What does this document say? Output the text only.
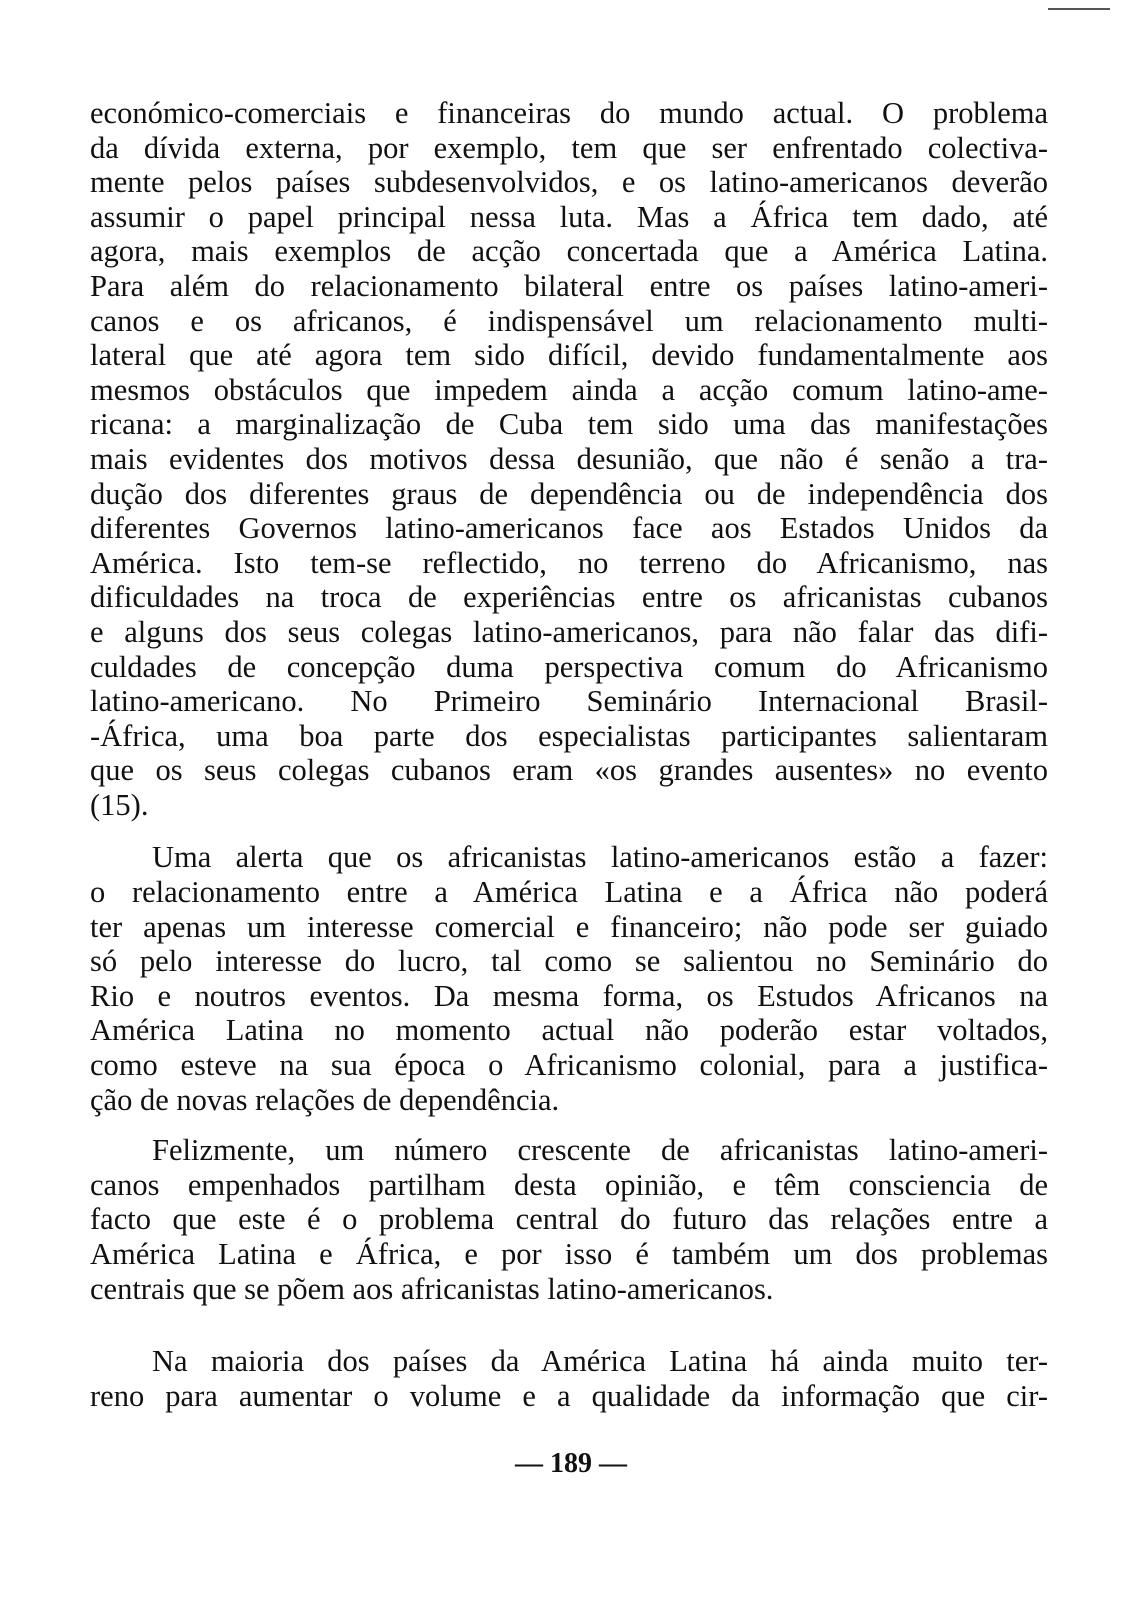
económico-comerciais e financeiras do mundo actual. O problema
da dívida externa, por exemplo, tem que ser enfrentado colectiva-
mente pelos países subdesenvolvidos, e os latino-americanos deverão
assumir o papel principal nessa luta. Mas a África tem dado, até
agora, mais exemplos de acção concertada que a América Latina.
Para além do relacionamento bilateral entre os países latino-ameri-
canos e os africanos, é indispensável um relacionamento multi-
lateral que até agora tem sido difícil, devido fundamentalmente aos
mesmos obstáculos que impedem ainda a acção comum latino-ame-
ricana: a marginalização de Cuba tem sido uma das manifestações
mais evidentes dos motivos dessa desunião, que não é senão a tra-
dução dos diferentes graus de dependência ou de independência dos
diferentes Governos latino-americanos face aos Estados Unidos da
América. Isto tem-se reflectido, no terreno do Africanismo, nas
dificuldades na troca de experiências entre os africanistas cubanos
e alguns dos seus colegas latino-americanos, para não falar das difi-
culdades de concepção duma perspectiva comum do Africanismo
latino-americano. No Primeiro Seminário Internacional Brasil-
-África, uma boa parte dos especialistas participantes salientaram
que os seus colegas cubanos eram «os grandes ausentes» no evento
(15).
Uma alerta que os africanistas latino-americanos estão a fazer:
o relacionamento entre a América Latina e a África não poderá
ter apenas um interesse comercial e financeiro; não pode ser guiado
só pelo interesse do lucro, tal como se salientou no Seminário do
Rio e noutros eventos. Da mesma forma, os Estudos Africanos na
América Latina no momento actual não poderão estar voltados,
como esteve na sua época o Africanismo colonial, para a justifica-
ção de novas relações de dependência.
Felizmente, um número crescente de africanistas latino-ameri-
canos empenhados partilham desta opinião, e têm consciencia de
facto que este é o problema central do futuro das relações entre a
América Latina e África, e por isso é também um dos problemas
centrais que se põem aos africanistas latino-americanos.
Na maioria dos países da América Latina há ainda muito ter-
reno para aumentar o volume e a qualidade da informação que cir-
— 189 —
